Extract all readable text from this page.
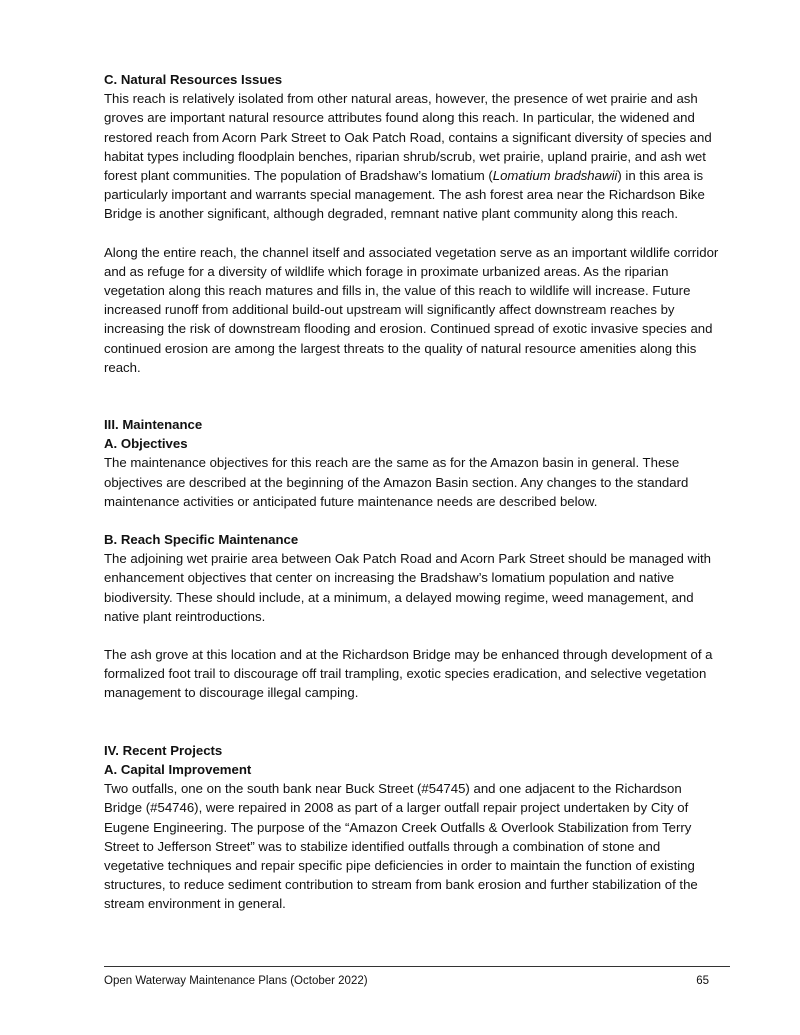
C. Natural Resources Issues

This reach is relatively isolated from other natural areas, however, the presence of wet prairie and ash groves are important natural resource attributes found along this reach. In particular, the widened and restored reach from Acorn Park Street to Oak Patch Road, contains a significant diversity of species and habitat types including floodplain benches, riparian shrub/scrub, wet prairie, upland prairie, and ash wet forest plant communities. The population of Bradshaw’s lomatium (Lomatium bradshawii) in this area is particularly important and warrants special management. The ash forest area near the Richardson Bike Bridge is another significant, although degraded, remnant native plant community along this reach.

Along the entire reach, the channel itself and associated vegetation serve as an important wildlife corridor and as refuge for a diversity of wildlife which forage in proximate urbanized areas. As the riparian vegetation along this reach matures and fills in, the value of this reach to wildlife will increase. Future increased runoff from additional build-out upstream will significantly affect downstream reaches by increasing the risk of downstream flooding and erosion. Continued spread of exotic invasive species and continued erosion are among the largest threats to the quality of natural resource amenities along this reach.

III. Maintenance

A. Objectives

The maintenance objectives for this reach are the same as for the Amazon basin in general. These objectives are described at the beginning of the Amazon Basin section. Any changes to the standard maintenance activities or anticipated future maintenance needs are described below.

B. Reach Specific Maintenance

The adjoining wet prairie area between Oak Patch Road and Acorn Park Street should be managed with enhancement objectives that center on increasing the Bradshaw’s lomatium population and native biodiversity. These should include, at a minimum, a delayed mowing regime, weed management, and native plant reintroductions.

The ash grove at this location and at the Richardson Bridge may be enhanced through development of a formalized foot trail to discourage off trail trampling, exotic species eradication, and selective vegetation management to discourage illegal camping.

IV. Recent Projects

A. Capital Improvement

Two outfalls, one on the south bank near Buck Street (#54745) and one adjacent to the Richardson Bridge (#54746), were repaired in 2008 as part of a larger outfall repair project undertaken by City of Eugene Engineering. The purpose of the “Amazon Creek Outfalls & Overlook Stabilization from Terry Street to Jefferson Street” was to stabilize identified outfalls through a combination of stone and vegetative techniques and repair specific pipe deficiencies in order to maintain the function of existing structures, to reduce sediment contribution to stream from bank erosion and further stabilization of the stream environment in general.

Open Waterway Maintenance Plans (October 2022)	65
